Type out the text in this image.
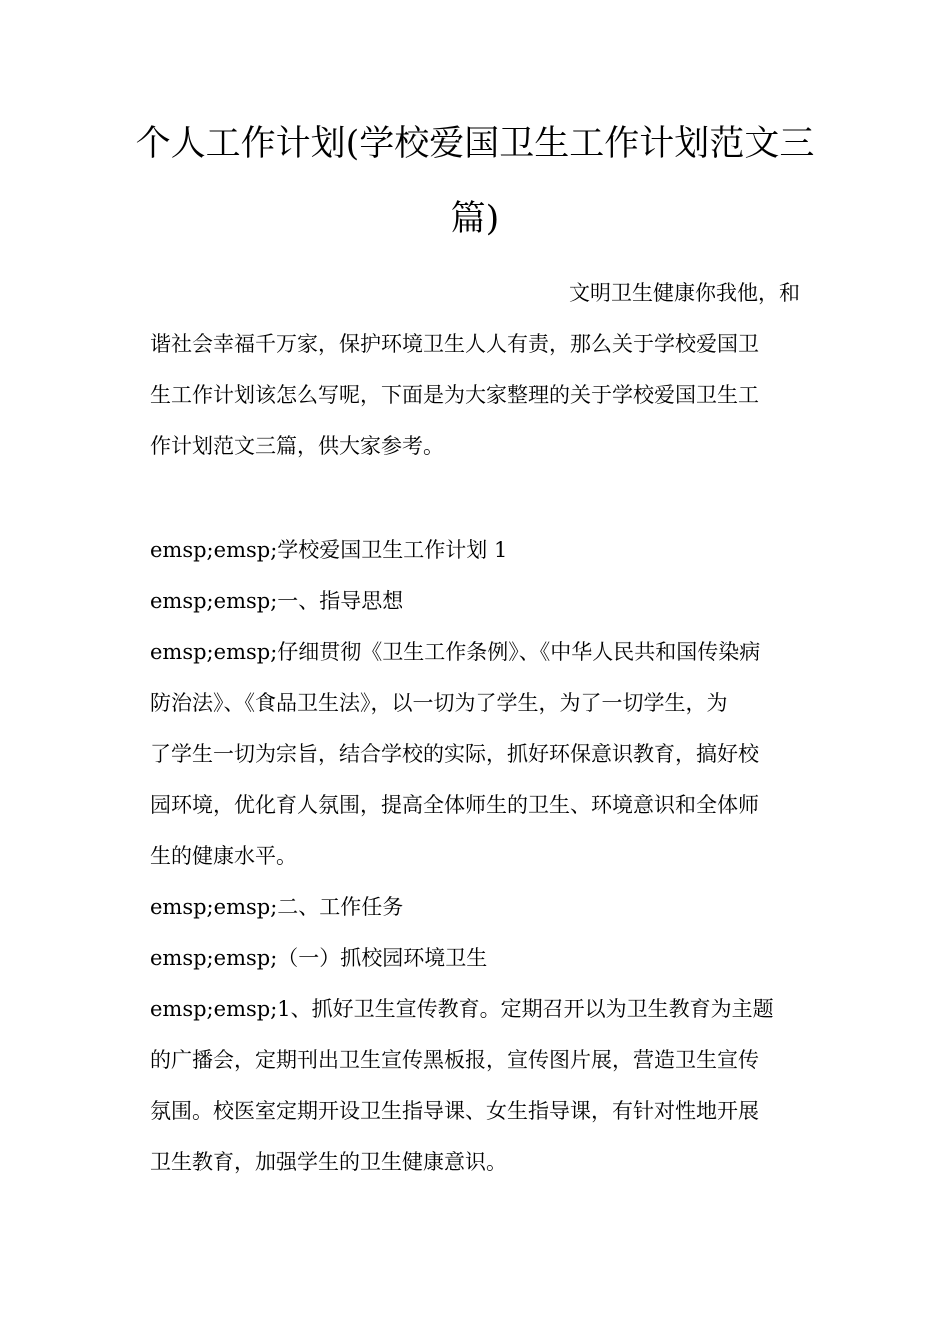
个人工作计划(学校爱国卫生工作计划范文三
篇)

文明卫生健康你我他，和

谐社会幸福千万家，保护环境卫生人人有责，那么关于学校爱国卫

生工作计划该怎么写呢，下面是为大家整理的关于学校爱国卫生工

作计划范文三篇，供大家参考。

emsp;emsp;学校爱国卫生工作计划 1

emsp;emsp;一、指导思想

emsp;emsp;仔细贯彻《卫生工作条例》、《中华人民共和国传染病

防治法》、《食品卫生法》，以一切为了学生，为了一切学生，为

了学生一切为宗旨，结合学校的实际，抓好环保意识教育，搞好校

园环境，优化育人氛围，提高全体师生的卫生、环境意识和全体师

生的健康水平。

emsp;emsp;二、工作任务

emsp;emsp;（一）抓校园环境卫生

emsp;emsp;1、抓好卫生宣传教育。定期召开以为卫生教育为主题

的广播会，定期刊出卫生宣传黑板报，宣传图片展，营造卫生宣传

氛围。校医室定期开设卫生指导课、女生指导课，有针对性地开展

卫生教育，加强学生的卫生健康意识。
